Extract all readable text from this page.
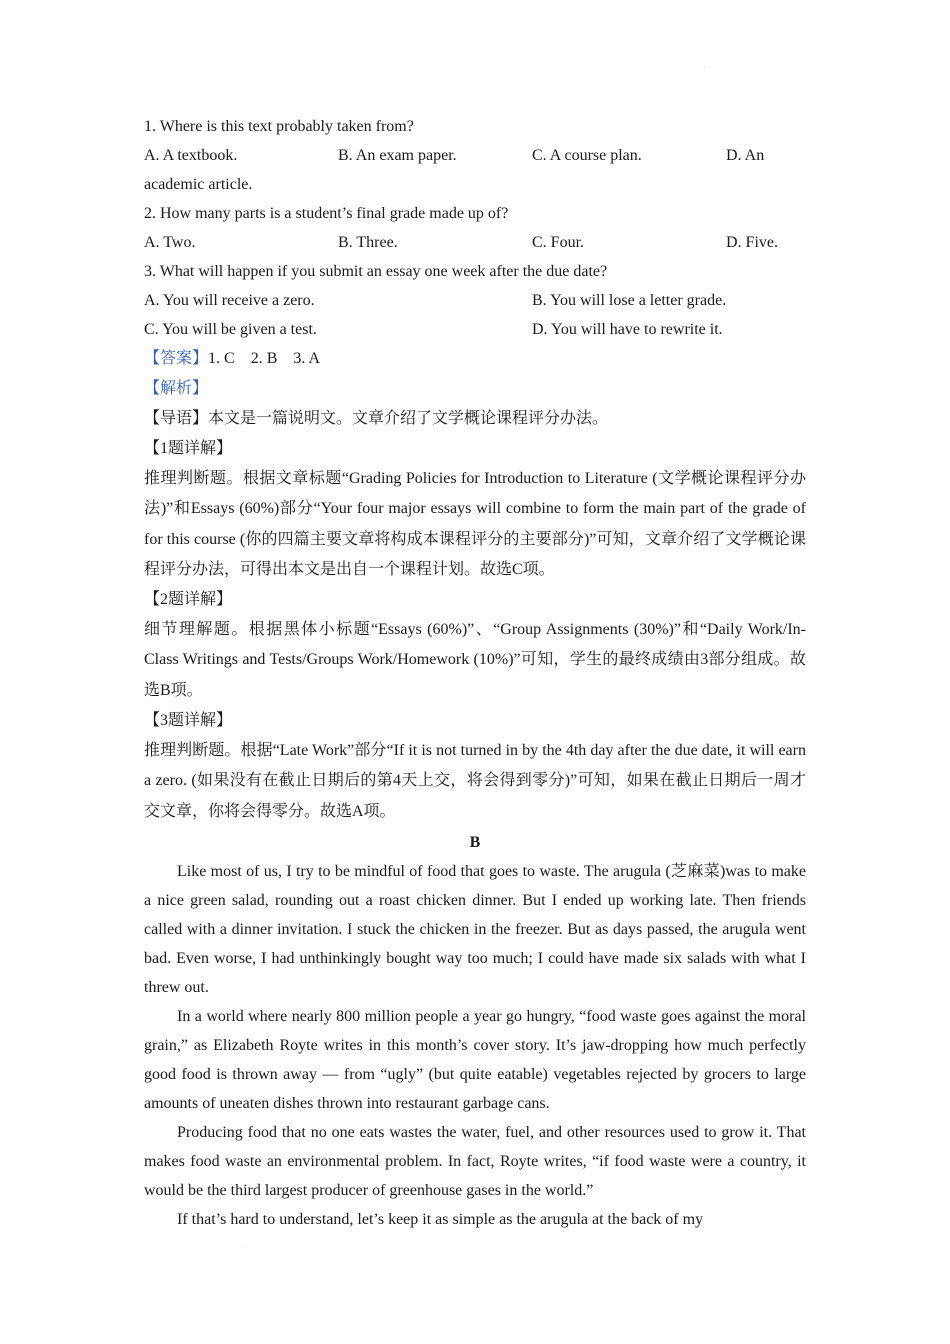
'
1. Where is this text probably taken from?
A. A textbook.	B. An exam paper.	C. A course plan.	D. An
academic article.
2. How many parts is a student’s final grade made up of?
A. Two.	B. Three.	C. Four.	D. Five.
3. What will happen if you submit an essay one week after the due date?
A. You will receive a zero.	B. You will lose a letter grade.
C. You will be given a test.	D. You will have to rewrite it.
【答案】1. C    2. B    3. A
【解析】
【导语】本文是一篇说明文。文章介绍了文学概论课程评分办法。
【1题详解】

推理判断题。根据文章标题“Grading Policies for Introduction to Literature (文学概论课程评分办法)”和Essays (60%)部分“Your four major essays will combine to form the main part of the grade of for this course (你的四篇主要文章将构成本课程评分的主要部分)”可知，文章介绍了文学概论课程评分办法，可得出本文是出自一个课程计划。故选C项。

【2题详解】

细节理解题。根据黑体小标题“Essays (60%)”、“Group Assignments (30%)”和“Daily Work/In-Class Writings and Tests/Groups Work/Homework (10%)”可知，学生的最终成绩由3部分组成。故选B项。

【3题详解】

推理判断题。根据“Late Work”部分“If it is not turned in by the 4th day after the due date, it will earn a zero. (如果没有在截止日期后的第4天上交，将会得到零分)”可知，如果在截止日期后一周才交文章，你将会得零分。故选A项。

B

Like most of us, I try to be mindful of food that goes to waste. The arugula (芝麻菜)was to make a nice green salad, rounding out a roast chicken dinner. But I ended up working late. Then friends called with a dinner invitation. I stuck the chicken in the freezer. But as days passed, the arugula went bad. Even worse, I had unthinkingly bought way too much; I could have made six salads with what I threw out.

In a world where nearly 800 million people a year go hungry, “food waste goes against the moral grain,” as Elizabeth Royte writes in this month’s cover story. It’s jaw-dropping how much perfectly good food is thrown away — from “ugly” (but quite eatable) vegetables rejected by grocers to large amounts of uneaten dishes thrown into restaurant garbage cans.

Producing food that no one eats wastes the water, fuel, and other resources used to grow it. That makes food waste an environmental problem. In fact, Royte writes, “if food waste were a country, it would be the third largest producer of greenhouse gases in the world.”

If that’s hard to understand, let’s keep it as simple as the arugula at the back of my

.
